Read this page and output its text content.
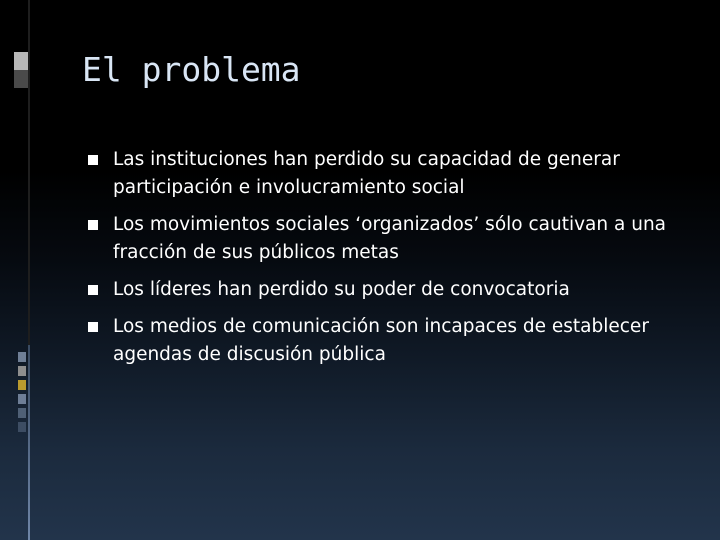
El problema
Las instituciones han perdido su capacidad de generar participación e involucramiento social
Los movimientos sociales ‘organizados’ sólo cautivan a una fracción de sus públicos metas
Los líderes han perdido su poder de convocatoria
Los medios de comunicación son incapaces de establecer agendas de discusión pública
